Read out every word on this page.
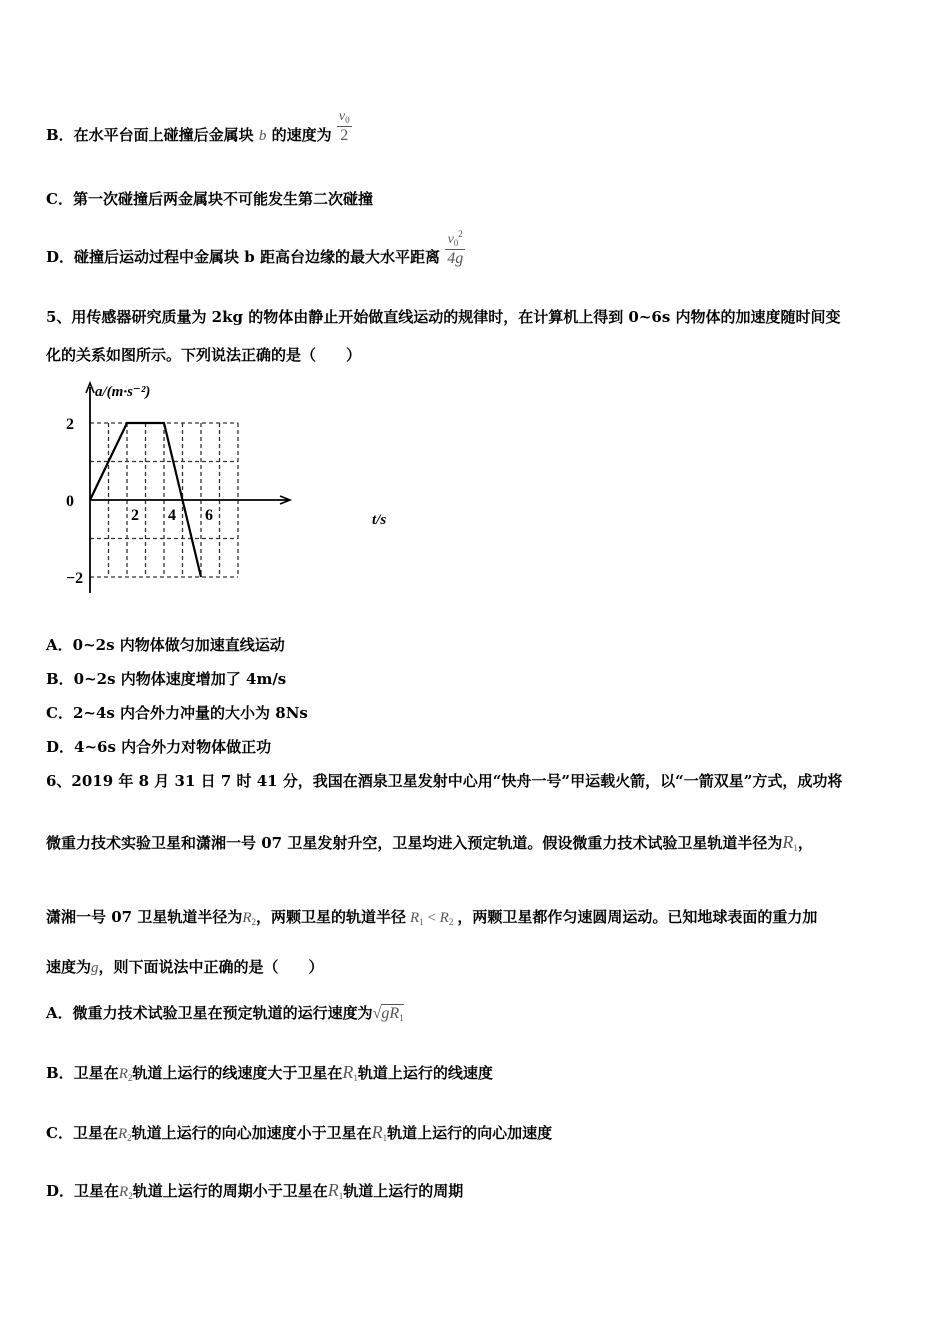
B．在水平台面上碰撞后金属块 b 的速度为 $\frac{v_0}{2}$
C．第一次碰撞后两金属块不可能发生第二次碰撞
D．碰撞后运动过程中金属块 b 距高台边缘的最大水平距离 $\frac{v_0^2}{4g}$
5、用传感器研究质量为 2kg 的物体由静止开始做直线运动的规律时，在计算机上得到 0~6s 内物体的加速度随时间变
化的关系如图所示。下列说法正确的是（　　）
2 4 6
2
0
−2
a/(m·s⁻²)
t/s
A．0~2s 内物体做匀加速直线运动
B．0~2s 内物体速度增加了 4m/s
C．2~4s 内合外力冲量的大小为 8Ns
D．4~6s 内合外力对物体做正功
6、2019 年 8 月 31 日 7 时 41 分，我国在酒泉卫星发射中心用“快舟一号”甲运载火箭，以“一箭双星”方式，成功将
微重力技术实验卫星和潇湘一号 07 卫星发射升空，卫星均进入预定轨道。假设微重力技术试验卫星轨道半径为$R_1$，
潇湘一号 07 卫星轨道半径为$R_2$，两颗卫星的轨道半径 $R_1 < R_2$ ，两颗卫星都作匀速圆周运动。已知地球表面的重力加
速度为g，则下面说法中正确的是（　　）
A．微重力技术试验卫星在预定轨道的运行速度为$√gR_1$
B．卫星在$R_2$轨道上运行的线速度大于卫星在$R_1$轨道上运行的线速度
C．卫星在$R_2$轨道上运行的向心加速度小于卫星在$R_1$轨道上运行的向心加速度
D．卫星在$R_2$轨道上运行的周期小于卫星在$R_1$轨道上运行的周期
